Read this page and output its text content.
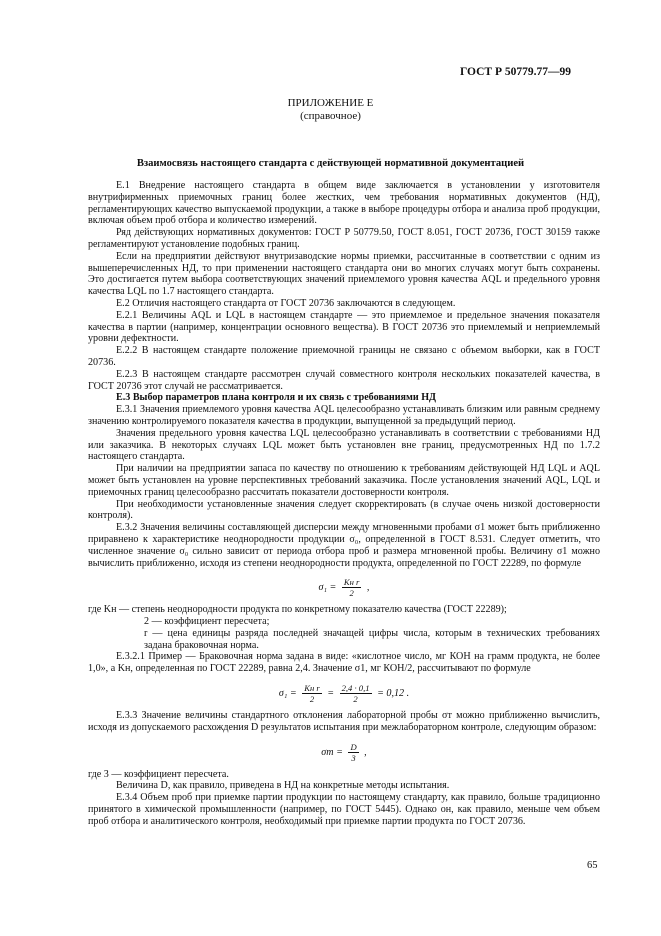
ГОСТ Р 50779.77—99
ПРИЛОЖЕНИЕ Е
(справочное)
Взаимосвязь настоящего стандарта с действующей нормативной документацией

Е.1 Внедрение настоящего стандарта в общем виде заключается в установлении у изготовителя внутрифирменных приемочных границ более жестких, чем требования нормативных документов (НД), регламентирующих качество выпускаемой продукции, а также в выборе процедуры отбора и анализа проб продукции, включая объем проб отбора и количество измерений.

Ряд действующих нормативных документов: ГОСТ Р 50779.50, ГОСТ 8.051, ГОСТ 20736, ГОСТ 30159 также регламентируют установление подобных границ.

Если на предприятии действуют внутризаводские нормы приемки, рассчитанные в соответствии с одним из вышеперечисленных НД, то при применении настоящего стандарта они во многих случаях могут быть сохранены. Это достигается путем выбора соответствующих значений приемлемого уровня качества AQL и предельного уровня качества LQL по 1.7 настоящего стандарта.

Е.2 Отличия настоящего стандарта от ГОСТ 20736 заключаются в следующем.

Е.2.1 Величины AQL и LQL в настоящем стандарте — это приемлемое и предельное значения показателя качества в партии (например, концентрации основного вещества). В ГОСТ 20736 это приемлемый и неприемлемый уровни дефектности.

Е.2.2 В настоящем стандарте положение приемочной границы не связано с объемом выборки, как в ГОСТ 20736.

Е.2.3 В настоящем стандарте рассмотрен случай совместного контроля нескольких показателей качества, в ГОСТ 20736 этот случай не рассматривается.

Е.3 Выбор параметров плана контроля и их связь с требованиями НД

Е.3.1 Значения приемлемого уровня качества AQL целесообразно устанавливать близким или равным среднему значению контролируемого показателя качества в продукции, выпущенной за предыдущий период.

Значения предельного уровня качества LQL целесообразно устанавливать в соответствии с требованиями НД или заказчика. В некоторых случаях LQL может быть установлен вне границ, предусмотренных НД по 1.7.2 настоящего стандарта.

При наличии на предприятии запаса по качеству по отношению к требованиям действующей НД LQL и AQL может быть установлен на уровне перспективных требований заказчика. После установления значений AQL, LQL и приемочных границ целесообразно рассчитать показатели достоверности контроля.

При необходимости установленные значения следует скорректировать (в случае очень низкой достоверности контроля).

Е.3.2 Значения величины составляющей дисперсии между мгновенными пробами σ1 может быть приближенно приравнено к характеристике неоднородности продукции σ₀, определенной в ГОСТ 8.531. Следует отметить, что численное значение σ₀ сильно зависит от периода отбора проб и размера мгновенной пробы. Величину σ1 можно вычислить приближенно, исходя из степени неоднородности продукта, определенной по ГОСТ 22289, по формуле

$\sigma_1 = \frac{\text{Kн r}}{2}$ ,

где Kн — степень неоднородности продукта по конкретному показателю качества (ГОСТ 22289);

2 — коэффициент пересчета;

r — цена единицы разряда последней значащей цифры числа, которым в технических требованиях задана браковочная норма.

Е.3.2.1 Пример — Браковочная норма задана в виде: «кислотное число, мг КОН на грамм продукта, не более 1,0», а Kн, определенная по ГОСТ 22289, равна 2,4. Значение σ1, мг КОН/2, рассчитывают по формуле

$\sigma_1 = \frac{\text{Kн r}}{2} = \frac{2,4 \cdot 0,1}{2} = 0,12$ .

Е.3.3 Значение величины стандартного отклонения лабораторной пробы σт можно приближенно вычислить, исходя из допускаемого расхождения D результатов испытания при межлабораторном контроле, следующим образом:

$\sigma т = \frac{D}{3}$ ,

где 3 — коэффициент пересчета.

Величина D, как правило, приведена в НД на конкретные методы испытания.

Е.3.4 Объем проб при приемке партии продукции по настоящему стандарту, как правило, больше традиционно принятого в химической промышленности (например, по ГОСТ 5445). Однако он, как правило, меньше чем объем проб отбора и аналитического контроля, необходимый при приемке партии продукта по ГОСТ 20736.

65
